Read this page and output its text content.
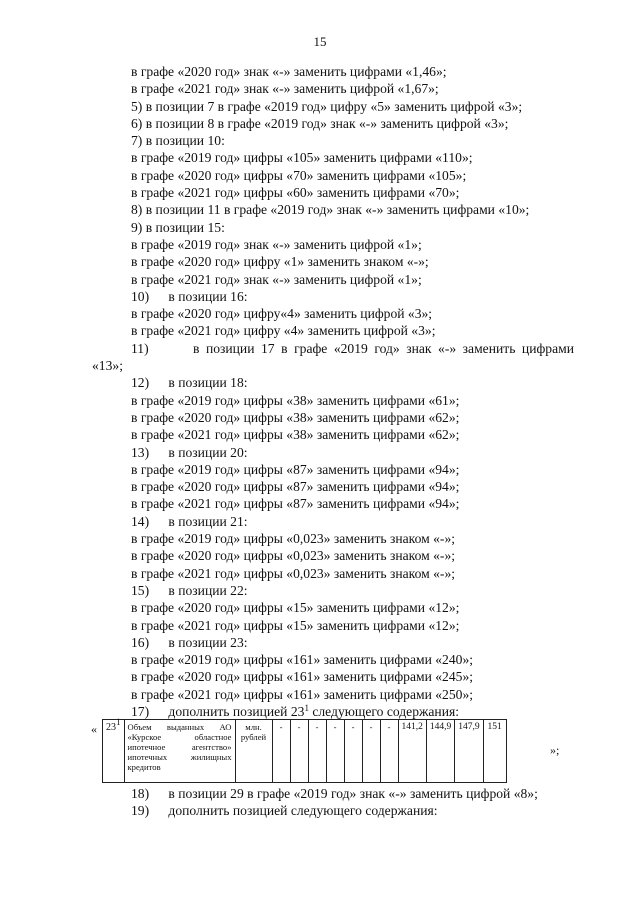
15
в графе «2020 год» знак «-» заменить цифрами «1,46»;
в графе «2021 год» знак «-» заменить цифрой «1,67»;
5) в позиции 7 в графе «2019 год» цифру «5» заменить цифрой «3»;
6) в позиции 8 в графе «2019 год» знак «-» заменить цифрой «3»;
7) в позиции 10:
в графе «2019 год» цифры «105» заменить цифрами «110»;
в графе «2020 год» цифры «70» заменить цифрами «105»;
в графе «2021 год» цифры «60» заменить цифрами «70»;
8) в позиции 11 в графе «2019 год» знак «-» заменить цифрами «10»;
9) в позиции 15:
в графе «2019 год» знак «-» заменить цифрой «1»;
в графе «2020 год» цифру «1» заменить знаком «-»;
в графе «2021 год» знак «-» заменить цифрой «1»;
10) в позиции 16:
в графе «2020 год» цифру«4» заменить цифрой «3»;
в графе «2021 год» цифру «4» заменить цифрой «3»;
11)	в позиции 17 в графе «2019 год» знак «-» заменить цифрами
«13»;
12) в позиции 18:
в графе «2019 год» цифры «38» заменить цифрами «61»;
в графе «2020 год» цифры «38» заменить цифрами «62»;
в графе «2021 год» цифры «38» заменить цифрами «62»;
13) в позиции 20:
в графе «2019 год» цифры «87» заменить цифрами «94»;
в графе «2020 год» цифры «87» заменить цифрами «94»;
в графе «2021 год» цифры «87» заменить цифрами «94»;
14) в позиции 21:
в графе «2019 год» цифры «0,023» заменить знаком «-»;
в графе «2020 год» цифры «0,023» заменить знаком «-»;
в графе «2021 год» цифры «0,023» заменить знаком «-»;
15) в позиции 22:
в графе «2020 год» цифры «15» заменить цифрами «12»;
в графе «2021 год» цифры «15» заменить цифрами «12»;
16) в позиции 23:
в графе «2019 год» цифры «161» заменить цифрами «240»;
в графе «2020 год» цифры «161» заменить цифрами «245»;
в графе «2021 год» цифры «161» заменить цифрами «250»;
17) дополнить позицией $23^1$ следующего содержания:
« $23^1$	Объем выданных АО «Курское областное ипотечное агентство» ипотечных жилищных кредитов	млн. рублей	-	-	-	-	-	-	-	141,2	144,9	147,9	151
»;
18) в позиции 29 в графе «2019 год» знак «-» заменить цифрой «8»;
19) дополнить позицией следующего содержания:
